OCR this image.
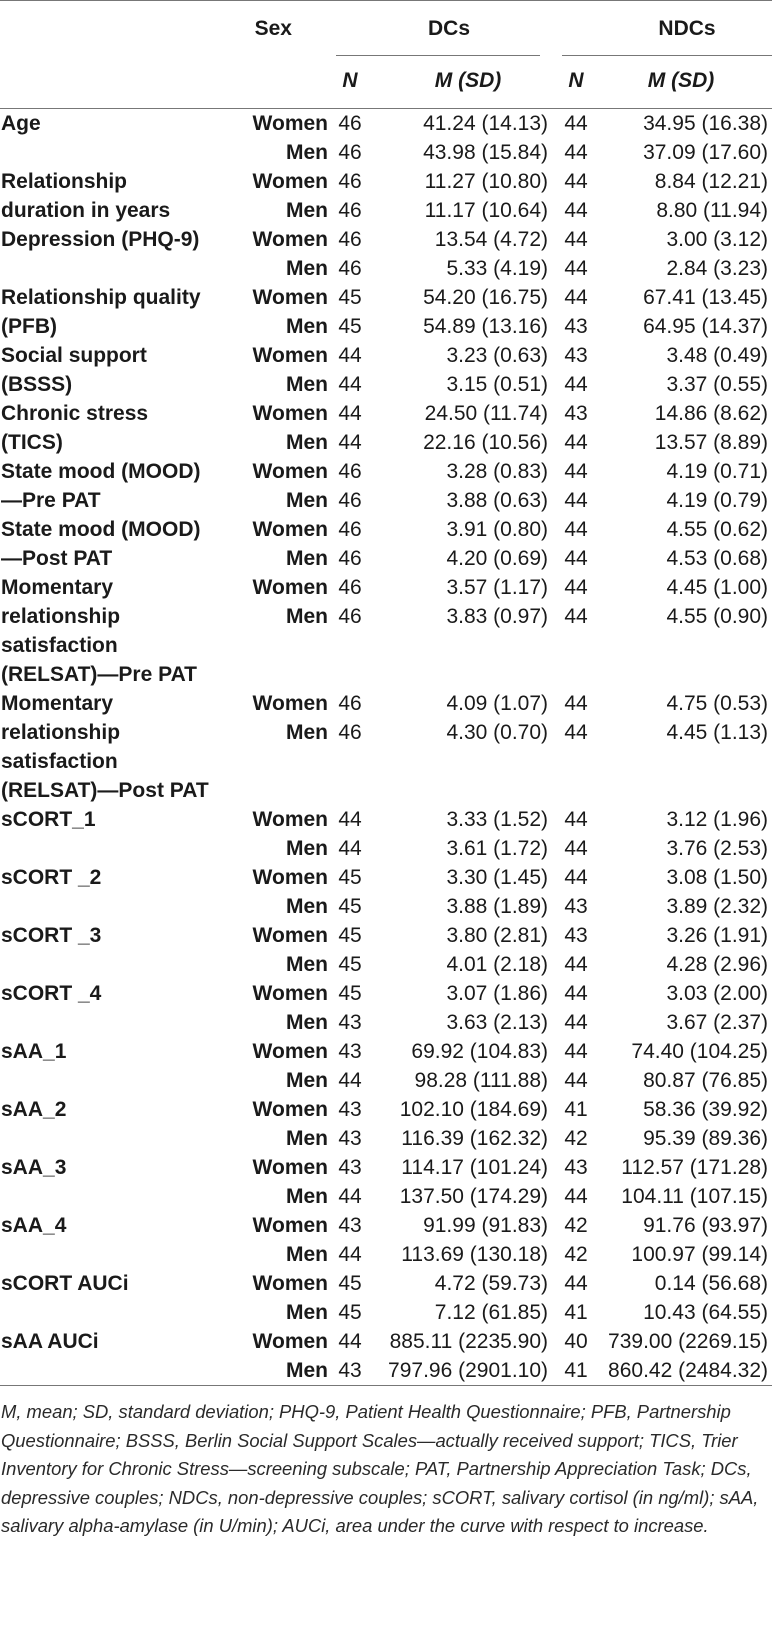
	Sex	DCs		NDCs	

		N	M (SD)	N	M (SD)
Age	Women	46	41.24 (14.13)	44	34.95 (16.38)
	Men	46	43.98 (15.84)	44	37.09 (17.60)
Relationship	Women	46	11.27 (10.80)	44	8.84 (12.21)
duration in years	Men	46	11.17 (10.64)	44	8.80 (11.94)
Depression (PHQ-9)	Women	46	13.54 (4.72)	44	3.00 (3.12)
	Men	46	5.33 (4.19)	44	2.84 (3.23)
Relationship quality	Women	45	54.20 (16.75)	44	67.41 (13.45)
(PFB)	Men	45	54.89 (13.16)	43	64.95 (14.37)
Social support	Women	44	3.23 (0.63)	43	3.48 (0.49)
(BSSS)	Men	44	3.15 (0.51)	44	3.37 (0.55)
Chronic stress	Women	44	24.50 (11.74)	43	14.86 (8.62)
(TICS)	Men	44	22.16 (10.56)	44	13.57 (8.89)
State mood (MOOD)	Women	46	3.28 (0.83)	44	4.19 (0.71)
—Pre PAT	Men	46	3.88 (0.63)	44	4.19 (0.79)
State mood (MOOD)	Women	46	3.91 (0.80)	44	4.55 (0.62)
—Post PAT	Men	46	4.20 (0.69)	44	4.53 (0.68)
Momentary	Women	46	3.57 (1.17)	44	4.45 (1.00)
relationship	Men	46	3.83 (0.97)	44	4.55 (0.90)
satisfaction					
(RELSAT)—Pre PAT					
Momentary	Women	46	4.09 (1.07)	44	4.75 (0.53)
relationship	Men	46	4.30 (0.70)	44	4.45 (1.13)
satisfaction					
(RELSAT)—Post PAT					
sCORT_1	Women	44	3.33 (1.52)	44	3.12 (1.96)
	Men	44	3.61 (1.72)	44	3.76 (2.53)
sCORT _2	Women	45	3.30 (1.45)	44	3.08 (1.50)
	Men	45	3.88 (1.89)	43	3.89 (2.32)
sCORT _3	Women	45	3.80 (2.81)	43	3.26 (1.91)
	Men	45	4.01 (2.18)	44	4.28 (2.96)
sCORT _4	Women	45	3.07 (1.86)	44	3.03 (2.00)
	Men	43	3.63 (2.13)	44	3.67 (2.37)
sAA_1	Women	43	69.92 (104.83)	44	74.40 (104.25)
	Men	44	98.28 (111.88)	44	80.87 (76.85)
sAA_2	Women	43	102.10 (184.69)	41	58.36 (39.92)
	Men	43	116.39 (162.32)	42	95.39 (89.36)
sAA_3	Women	43	114.17 (101.24)	43	112.57 (171.28)
	Men	44	137.50 (174.29)	44	104.11 (107.15)
sAA_4	Women	43	91.99 (91.83)	42	91.76 (93.97)
	Men	44	113.69 (130.18)	42	100.97 (99.14)
sCORT AUCi	Women	45	4.72 (59.73)	44	0.14 (56.68)
	Men	45	7.12 (61.85)	41	10.43 (64.55)
sAA AUCi	Women	44	885.11 (2235.90)	40	739.00 (2269.15)
	Men	43	797.96 (2901.10)	41	860.42 (2484.32)
M, mean; SD, standard deviation; PHQ-9, Patient Health Questionnaire; PFB, Partnership Questionnaire; BSSS, Berlin Social Support Scales—actually received support; TICS, Trier Inventory for Chronic Stress—screening subscale; PAT, Partnership Appreciation Task; DCs, depressive couples; NDCs, non-depressive couples; sCORT, salivary cortisol (in ng/ml); sAA, salivary alpha-amylase (in U/min); AUCi, area under the curve with respect to increase.
